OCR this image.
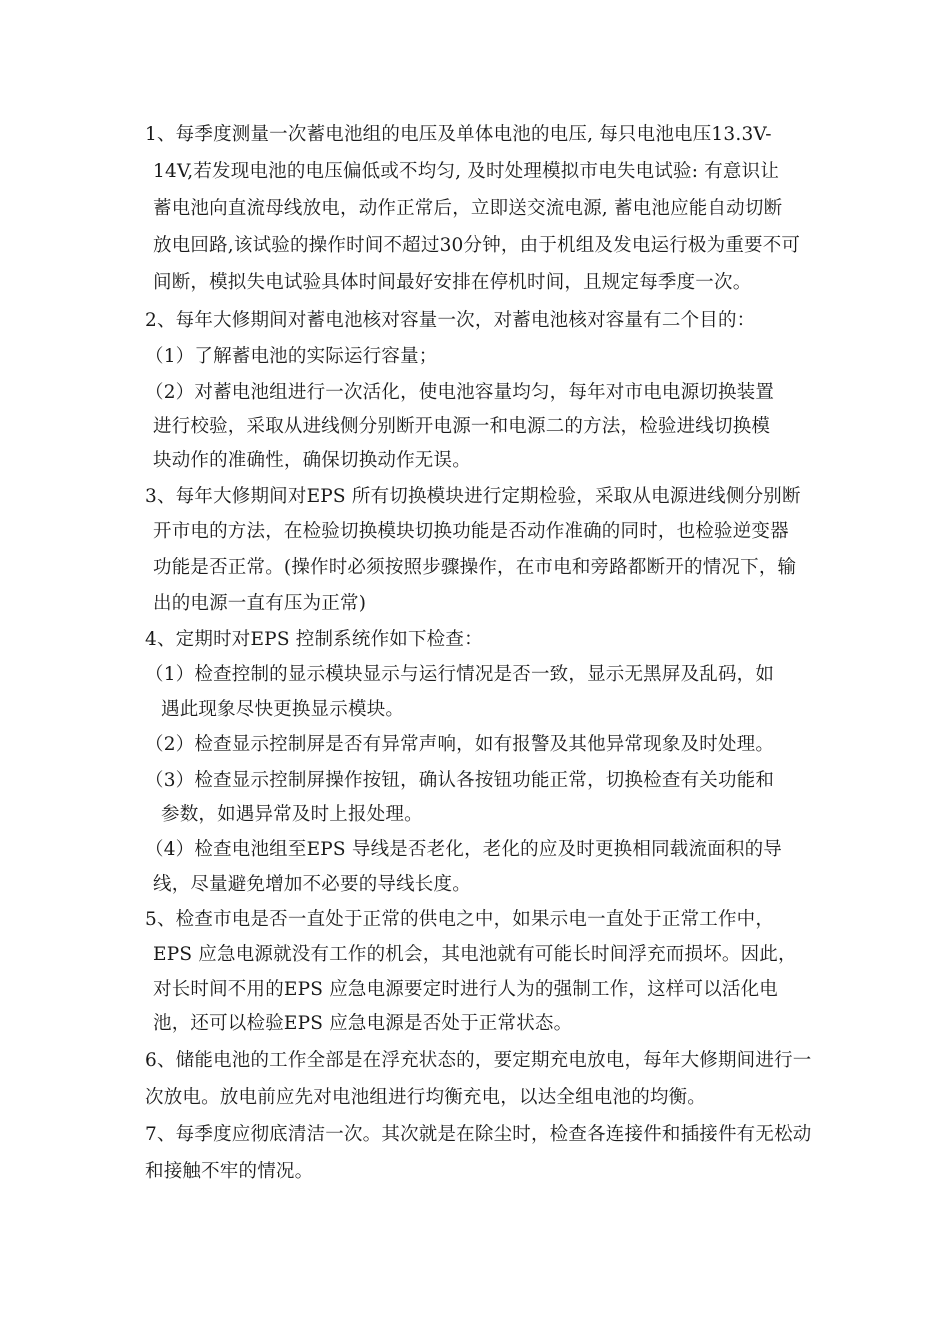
1、每季度测量一次蓄电池组的电压及单体电池的电压, 每只电池电压13.3V-
14V,若发现电池的电压偏低或不均匀, 及时处理模拟市电失电试验: 有意识让
蓄电池向直流母线放电，动作正常后，立即送交流电源, 蓄电池应能自动切断
放电回路,该试验的操作时间不超过30分钟，由于机组及发电运行极为重要不可
间断，模拟失电试验具体时间最好安排在停机时间，且规定每季度一次。
2、每年大修期间对蓄电池核对容量一次，对蓄电池核对容量有二个目的：
（1）了解蓄电池的实际运行容量；
（2）对蓄电池组进行一次活化，使电池容量均匀，每年对市电电源切换装置
进行校验，采取从进线侧分别断开电源一和电源二的方法，检验进线切换模
块动作的准确性，确保切换动作无误。
3、每年大修期间对EPS 所有切换模块进行定期检验，采取从电源进线侧分别断
开市电的方法，在检验切换模块切换功能是否动作准确的同时，也检验逆变器
功能是否正常。(操作时必须按照步骤操作，在市电和旁路都断开的情况下，输
出的电源一直有压为正常)
4、定期时对EPS 控制系统作如下检查：
（1）检查控制的显示模块显示与运行情况是否一致，显示无黑屏及乱码，如
遇此现象尽快更换显示模块。
（2）检查显示控制屏是否有异常声响，如有报警及其他异常现象及时处理。
（3）检查显示控制屏操作按钮，确认各按钮功能正常，切换检查有关功能和
参数，如遇异常及时上报处理。
（4）检查电池组至EPS 导线是否老化，老化的应及时更换相同载流面积的导
线，尽量避免增加不必要的导线长度。
5、检查市电是否一直处于正常的供电之中，如果示电一直处于正常工作中，
EPS 应急电源就没有工作的机会，其电池就有可能长时间浮充而损坏。因此，
对长时间不用的EPS 应急电源要定时进行人为的强制工作，这样可以活化电
池，还可以检验EPS 应急电源是否处于正常状态。
6、储能电池的工作全部是在浮充状态的，要定期充电放电，每年大修期间进行一
次放电。放电前应先对电池组进行均衡充电，以达全组电池的均衡。
7、每季度应彻底清洁一次。其次就是在除尘时，检查各连接件和插接件有无松动
和接触不牢的情况。
